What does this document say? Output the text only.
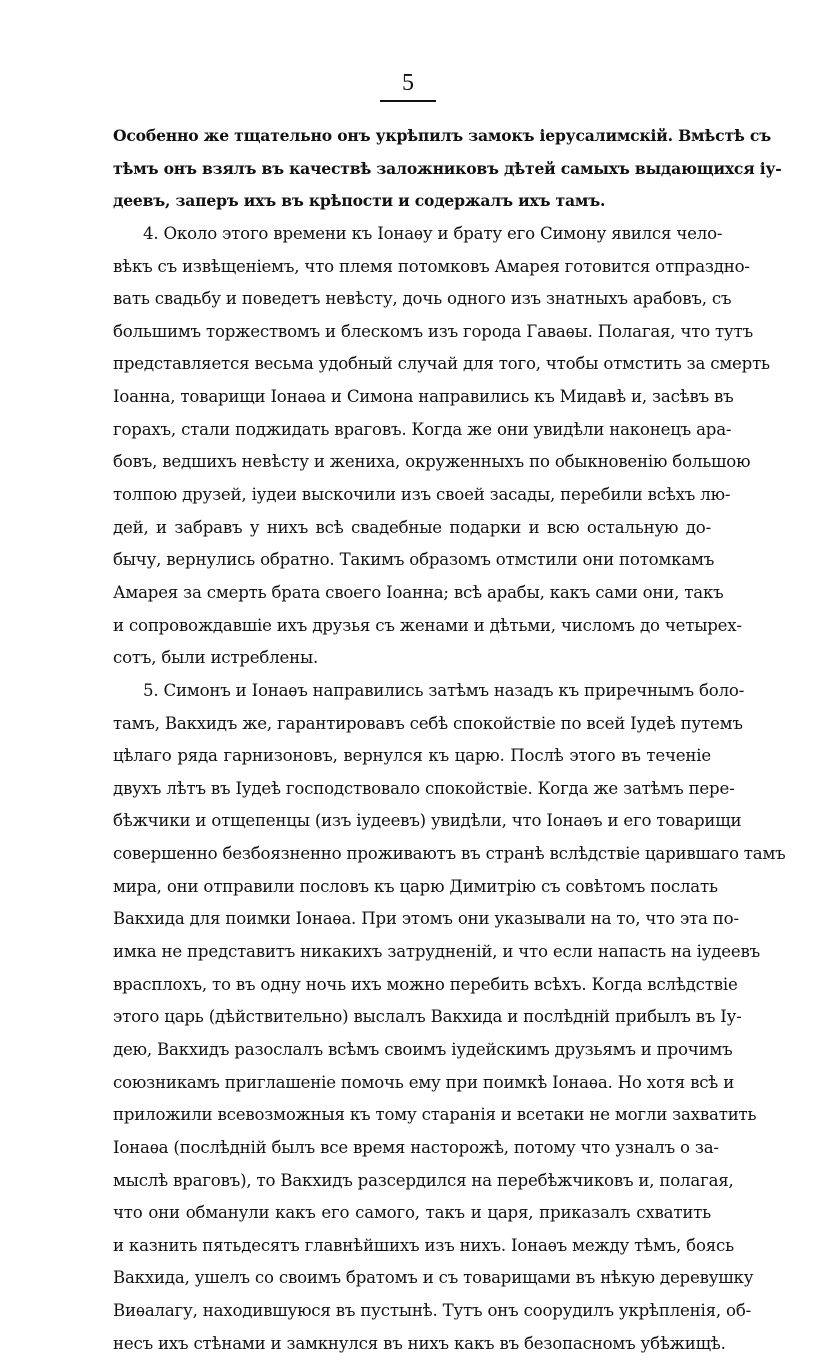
5
Особенно же тщательно онъ укрѣпилъ замокъ іерусалимскій. Вмѣстѣ съ
тѣмъ онъ взялъ въ качествѣ заложниковъ дѣтей самыхъ выдающихся іу-
деевъ, заперъ ихъ въ крѣпости и содержалъ ихъ тамъ.
4. Около этого времени къ Іонаѳу и брату его Симону явился чело-
вѣкъ съ извѣщеніемъ, что племя потомковъ Амарея готовится отпраздно-
вать свадьбу и поведетъ невѣсту, дочь одного изъ знатныхъ арабовъ, съ
большимъ торжествомъ и блескомъ изъ города Гаваѳы. Полагая, что тутъ
представляется весьма удобный случай для того, чтобы отмстить за смерть
Іоанна, товарищи Іонаѳа и Симона направились къ Мидавѣ и, засѣвъ въ
горахъ, стали поджидать враговъ. Когда же они увидѣли наконецъ ара-
бовъ, ведшихъ невѣсту и жениха, окруженныхъ по обыкновенію большою
толпою друзей, іудеи выскочили изъ своей засады, перебили всѣхъ лю-
дей, и забравъ у нихъ всѣ свадебные подарки и всю остальную до-
бычу, вернулись обратно. Такимъ образомъ отмстили они потомкамъ
Амарея за смерть брата своего Іоанна; всѣ арабы, какъ сами они, такъ
и сопровождавшіе ихъ друзья съ женами и дѣтьми, числомъ до четырех-
сотъ, были истреблены.
5. Симонъ и Іонаѳъ направились затѣмъ назадъ къ приречнымъ боло-
тамъ, Вакхидъ же, гарантировавъ себѣ спокойствіе по всей Іудеѣ путемъ
цѣлаго ряда гарнизоновъ, вернулся къ царю. Послѣ этого въ теченіе
двухъ лѣтъ въ Іудеѣ господствовало спокойствіе. Когда же затѣмъ пере-
бѣжчики и отщепенцы (изъ іудеевъ) увидѣли, что Іонаѳъ и его товарищи
совершенно безбоязненно проживаютъ въ странѣ вслѣдствіе царившаго тамъ
мира, они отправили пословъ къ царю Димитрію съ совѣтомъ послать
Вакхида для поимки Іонаѳа. При этомъ они указывали на то, что эта по-
имка не представитъ никакихъ затрудненій, и что если напасть на іудеевъ
врасплохъ, то въ одну ночь ихъ можно перебить всѣхъ. Когда вслѣдствіе
этого царь (дѣйствительно) выслалъ Вакхида и послѣдній прибылъ въ Іу-
дею, Вакхидъ разослалъ всѣмъ своимъ іудейскимъ друзьямъ и прочимъ
союзникамъ приглашеніе помочь ему при поимкѣ Іонаѳа. Но хотя всѣ и
приложили всевозможныя къ тому старанія и всетаки не могли захватить
Іонаѳа (послѣдній былъ все время насторожѣ, потому что узналъ о за-
мыслѣ враговъ), то Вакхидъ разсердился на перебѣжчиковъ и, полагая,
что они обманули какъ его самого, такъ и царя, приказалъ схватить
и казнить пятьдесятъ главнѣйшихъ изъ нихъ. Іонаѳъ между тѣмъ, боясь
Вакхида, ушелъ со своимъ братомъ и съ товарищами въ нѣкую деревушку
Виѳалагу, находившуюся въ пустынѣ. Тутъ онъ соорудилъ укрѣпленія, об-
несъ ихъ стѣнами и замкнулся въ нихъ какъ въ безопасномъ убѣжищѣ.
